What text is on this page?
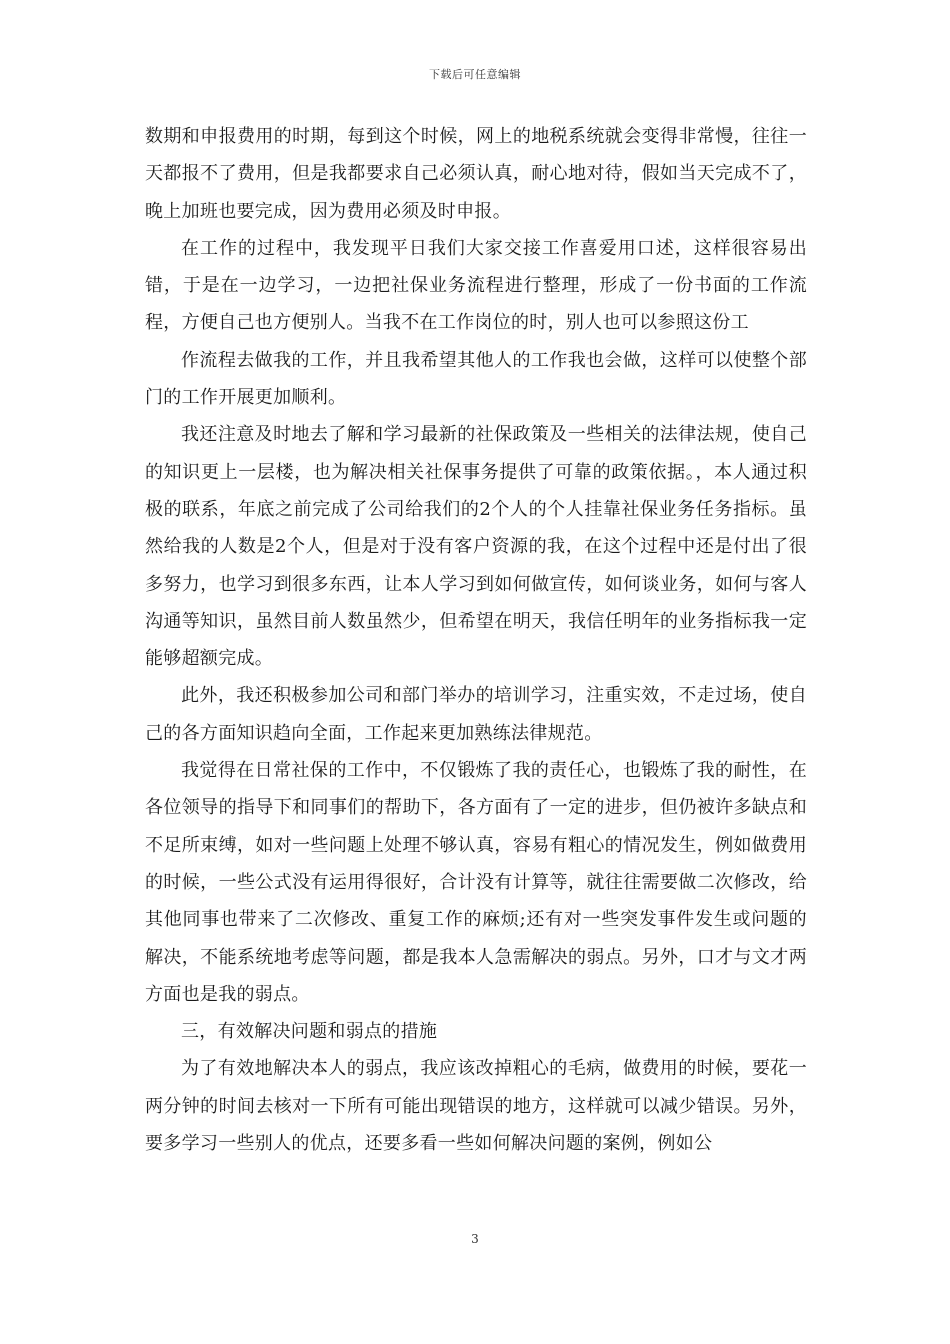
下载后可任意编辑

数期和申报费用的时期，每到这个时候，网上的地税系统就会变得非常慢，往往一天都报不了费用，但是我都要求自己必须认真，耐心地对待，假如当天完成不了，晚上加班也要完成，因为费用必须及时申报。

在工作的过程中，我发现平日我们大家交接工作喜爱用口述，这样很容易出错，于是在一边学习，一边把社保业务流程进行整理，形成了一份书面的工作流程，方便自己也方便别人。当我不在工作岗位的时，别人也可以参照这份工

作流程去做我的工作，并且我希望其他人的工作我也会做，这样可以使整个部门的工作开展更加顺利。

我还注意及时地去了解和学习最新的社保政策及一些相关的法律法规，使自己的知识更上一层楼，也为解决相关社保事务提供了可靠的政策依据。，本人通过积极的联系，年底之前完成了公司给我们的2个人的个人挂靠社保业务任务指标。虽然给我的人数是2个人，但是对于没有客户资源的我，在这个过程中还是付出了很多努力，也学习到很多东西，让本人学习到如何做宣传，如何谈业务，如何与客人沟通等知识，虽然目前人数虽然少，但希望在明天，我信任明年的业务指标我一定能够超额完成。

此外，我还积极参加公司和部门举办的培训学习，注重实效，不走过场，使自己的各方面知识趋向全面，工作起来更加熟练法律规范。

我觉得在日常社保的工作中，不仅锻炼了我的责任心，也锻炼了我的耐性，在各位领导的指导下和同事们的帮助下，各方面有了一定的进步，但仍被许多缺点和不足所束缚，如对一些问题上处理不够认真，容易有粗心的情况发生，例如做费用的时候，一些公式没有运用得很好，合计没有计算等，就往往需要做二次修改，给其他同事也带来了二次修改、重复工作的麻烦;还有对一些突发事件发生或问题的解决，不能系统地考虑等问题，都是我本人急需解决的弱点。另外，口才与文才两方面也是我的弱点。

三，有效解决问题和弱点的措施

为了有效地解决本人的弱点，我应该改掉粗心的毛病，做费用的时候，要花一两分钟的时间去核对一下所有可能出现错误的地方，这样就可以减少错误。另外，要多学习一些别人的优点，还要多看一些如何解决问题的案例，例如公

3
